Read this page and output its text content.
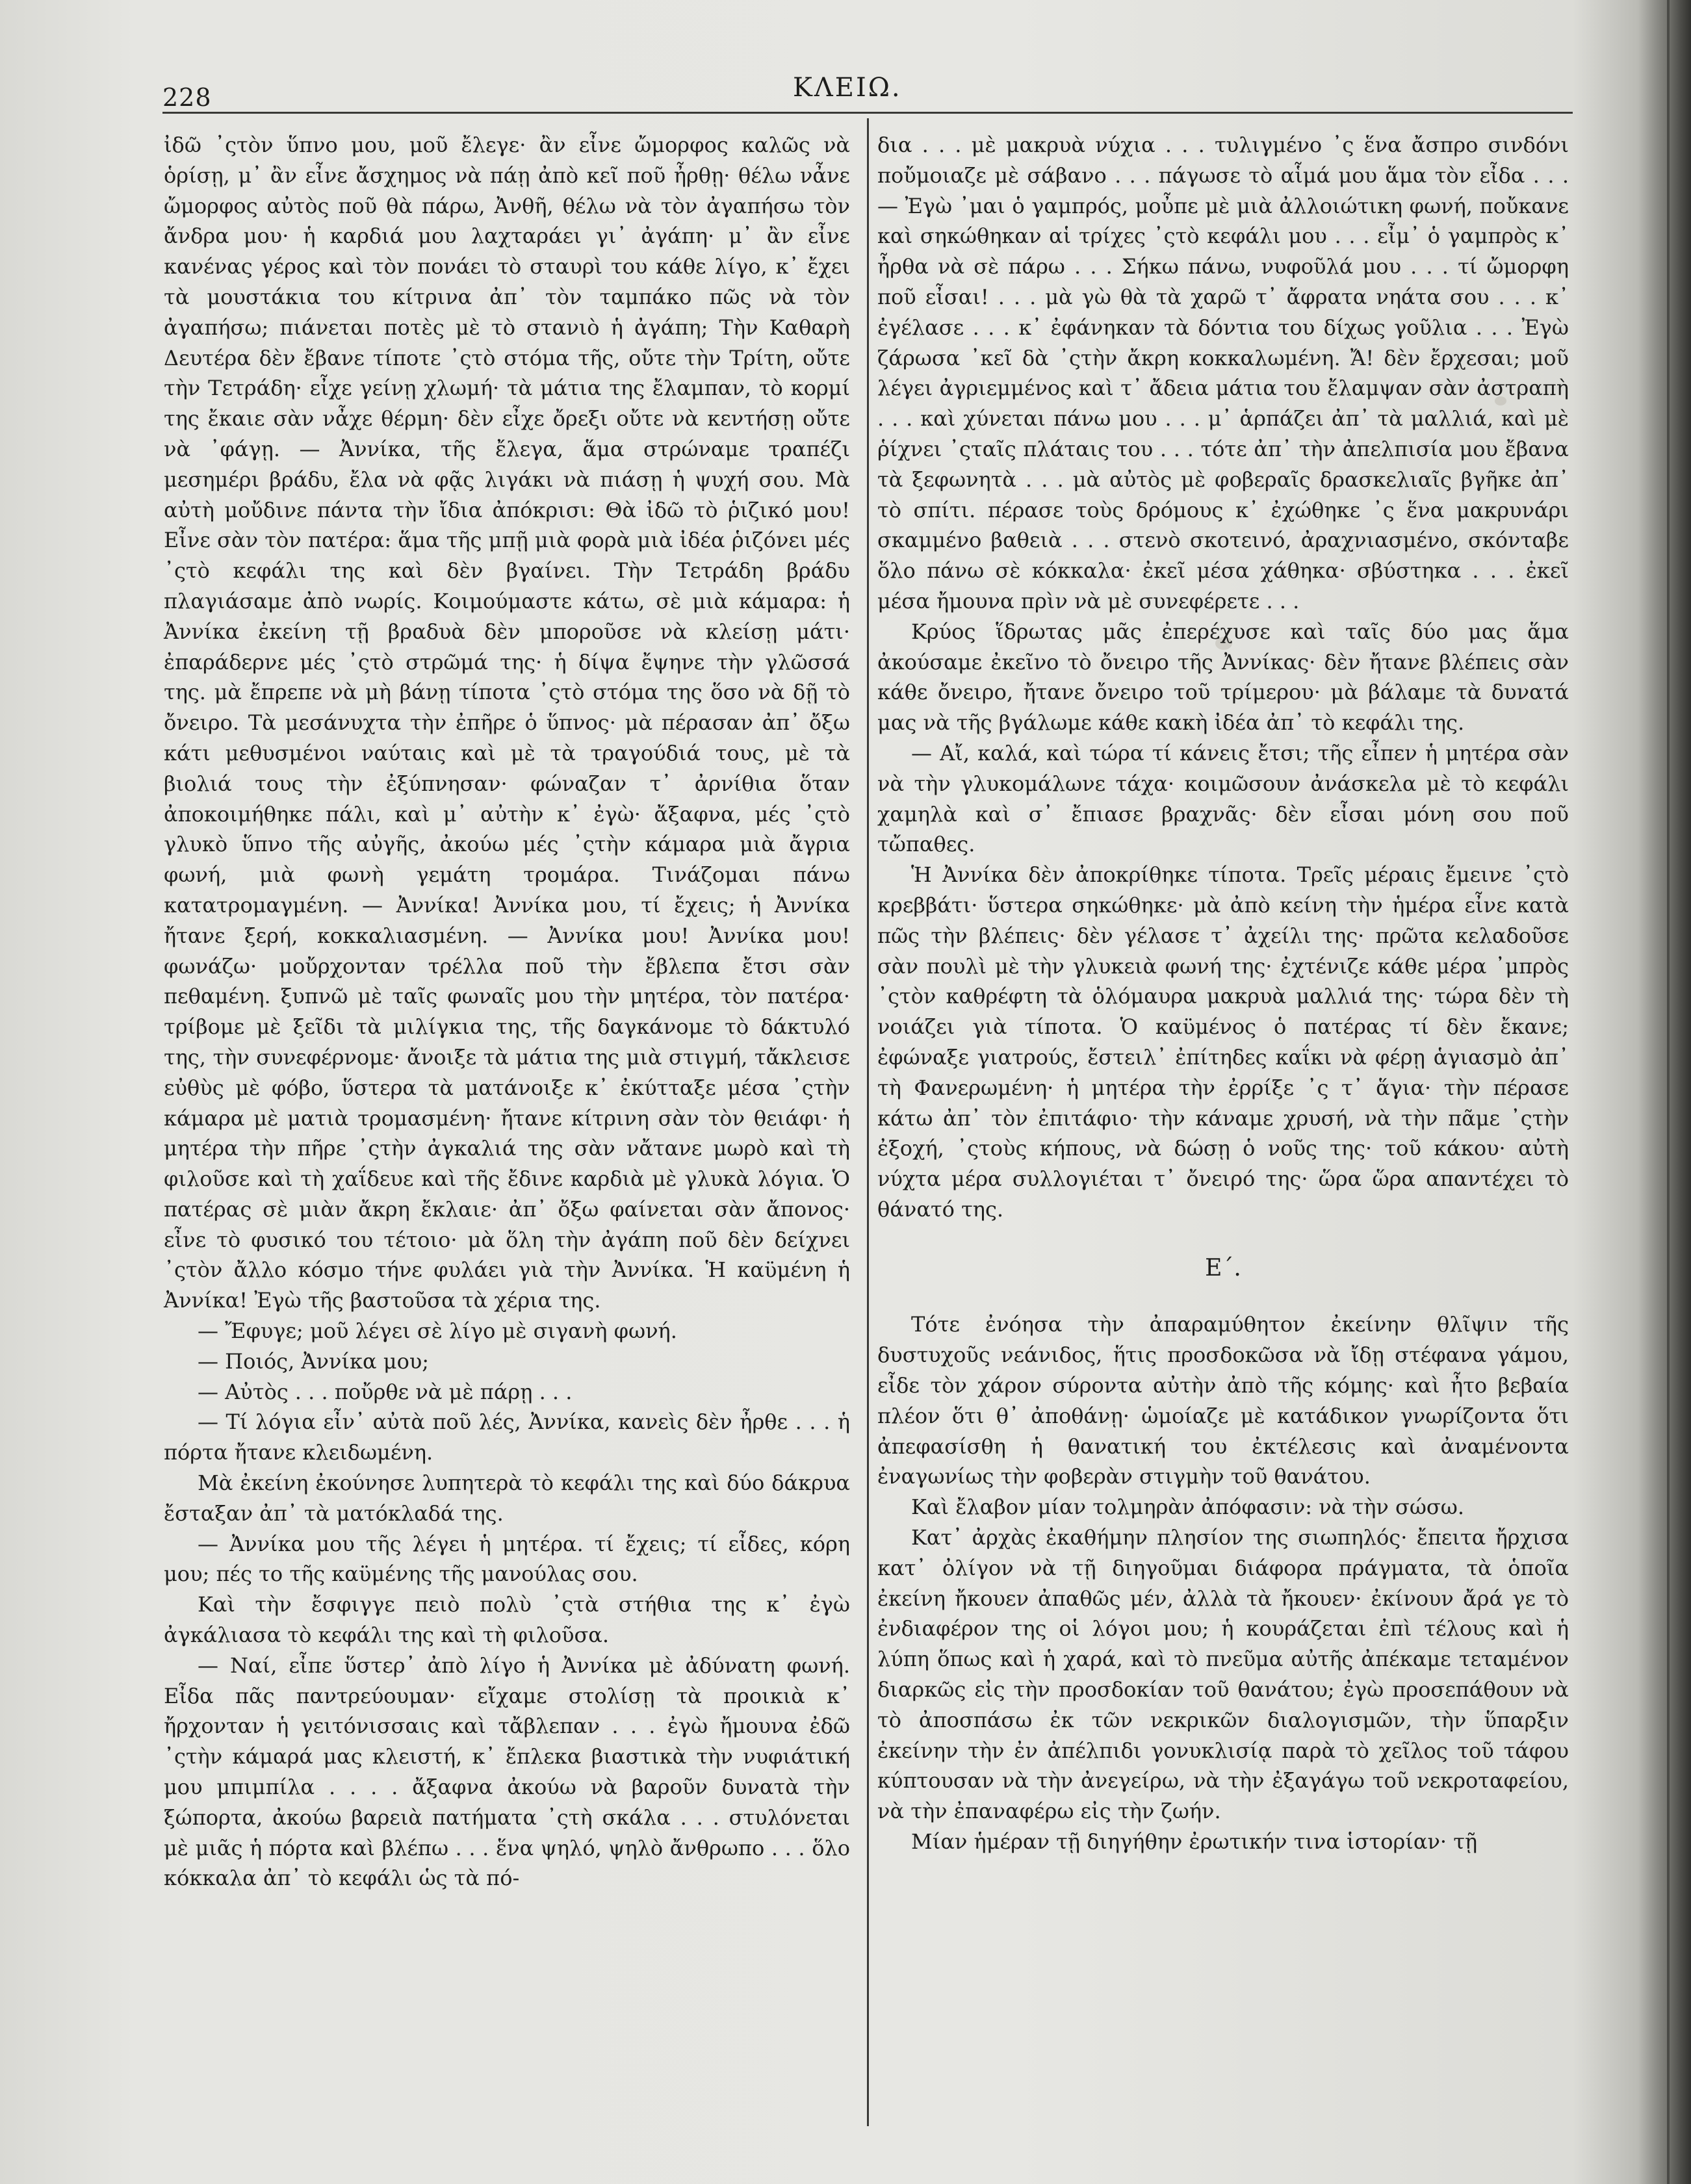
228	ΚΛΕΙΩ.

ἰδῶ ᾽ςτὸν ὕπνο μου, μοῦ ἔλεγε· ἂν εἶνε ὤμορφος καλῶς νὰ ὁρίσῃ, μ᾽ ἂν εἶνε ἄσχημος νὰ πάῃ ἀπὸ κεῖ ποῦ ἦρθῃ· θέλω νἆνε ὤμορφος αὐτὸς ποῦ θὰ πάρω, Ἀνθῆ, θέλω νὰ τὸν ἀγαπήσω τὸν ἄνδρα μου· ἡ καρδιά μου λαχταράει γι᾽ ἀγάπη· μ᾽ ἂν εἶνε κανένας γέρος καὶ τὸν πονάει τὸ σταυρὶ του κάθε λίγο, κ᾽ ἔχει τὰ μουστάκια του κίτρινα ἀπ᾽ τὸν ταμπάκο πῶς νὰ τὸν ἀγαπήσω; πιάνεται ποτὲς μὲ τὸ στανιὸ ἡ ἀγάπη; Τὴν Καθαρὴ Δευτέρα δὲν ἔβανε τίποτε ᾽ςτὸ στόμα τῆς, οὔτε τὴν Τρίτη, οὔτε τὴν Τετράδη· εἶχε γείνῃ χλωμή· τὰ μάτια της ἔλαμπαν, τὸ κορμί της ἔκαιε σὰν νἆχε θέρμη· δὲν εἶχε ὄρεξι οὔτε νὰ κεντήσῃ οὔτε νὰ ᾽φάγῃ. — Ἀννίκα, τῆς ἔλεγα, ἅμα στρώναμε τραπέζι μεσημέρι βράδυ, ἔλα νὰ φᾷς λιγάκι νὰ πιάσῃ ἡ ψυχή σου. Μὰ αὐτὴ μοὔδινε πάντα τὴν ἴδια ἀπόκρισι: Θὰ ἰδῶ τὸ ῥιζικό μου! Εἶνε σὰν τὸν πατέρα: ἅμα τῆς μπῇ μιὰ φορὰ μιὰ ἰδέα ῥιζόνει μές ᾽ςτὸ κεφάλι της καὶ δὲν βγαίνει. Τὴν Τετράδη βράδυ πλαγιάσαμε ἀπὸ νωρίς. Κοιμούμαστε κάτω, σὲ μιὰ κάμαρα: ἡ Ἀννίκα ἐκείνη τῇ βραδυὰ δὲν μποροῦσε νὰ κλείσῃ μάτι· ἐπαράδερνε μές ᾽ςτὸ στρῶμά της· ἡ δίψα ἔψηνε τὴν γλῶσσά της. μὰ ἔπρεπε νὰ μὴ βάνῃ τίποτα ᾽ςτὸ στόμα της ὅσο νὰ δῇ τὸ ὄνειρο. Τὰ μεσάνυχτα τὴν ἐπῆρε ὁ ὕπνος· μὰ πέρασαν ἀπ᾽ ὄξω κάτι μεθυσμένοι ναύταις καὶ μὲ τὰ τραγούδιά τους, μὲ τὰ βιολιά τους τὴν ἐξύπνησαν· φώναζαν τ᾽ ἀρνίθια ὅταν ἀποκοιμήθηκε πάλι, καὶ μ᾽ αὐτὴν κ᾽ ἐγὼ· ἄξαφνα, μές ᾽ςτὸ γλυκὸ ὕπνο τῆς αὐγῆς, ἀκούω μές ᾽ςτὴν κάμαρα μιὰ ἄγρια φωνή, μιὰ φωνὴ γεμάτη τρομάρα. Τινάζομαι πάνω κατατρομαγμένη. — Ἀννίκα! Ἀννίκα μου, τί ἔχεις; ἡ Ἀννίκα ἤτανε ξερή, κοκκαλιασμένη. — Ἀννίκα μου! Ἀννίκα μου! φωνάζω· μοὔρχονταν τρέλλα ποῦ τὴν ἔβλεπα ἔτσι σὰν πεθαμένη. ξυπνῶ μὲ ταῖς φωναῖς μου τὴν μητέρα, τὸν πατέρα· τρίβομε μὲ ξεῖδι τὰ μιλίγκια της, τῆς δαγκάνομε τὸ δάκτυλό της, τὴν συνεφέρνομε· ἄνοιξε τὰ μάτια της μιὰ στιγμή, τἄκλεισε εὐθὺς μὲ φόβο, ὕστερα τὰ ματάνοιξε κ᾽ ἐκύτταξε μέσα ᾽ςτὴν κάμαρα μὲ ματιὰ τρομασμένη· ἤτανε κίτρινη σὰν τὸν θειάφι· ἡ μητέρα τὴν πῆρε ᾽ςτὴν ἀγκαλιά της σὰν νἄτανε μωρὸ καὶ τὴ φιλοῦσε καὶ τὴ χαΐδευε καὶ τῆς ἔδινε καρδιὰ μὲ γλυκὰ λόγια. Ὁ πατέρας σὲ μιὰν ἄκρη ἔκλαιε· ἀπ᾽ ὄξω φαίνεται σὰν ἄπονος· εἶνε τὸ φυσικό του τέτοιο· μὰ ὅλη τὴν ἀγάπη ποῦ δὲν δείχνει ᾽ςτὸν ἄλλο κόσμο τήνε φυλάει γιὰ τὴν Ἀννίκα. Ἡ καϋμένη ἡ Ἀννίκα! Ἐγὼ τῆς βαστοῦσα τὰ χέρια της.

— Ἔφυγε; μοῦ λέγει σὲ λίγο μὲ σιγανὴ φωνή.

— Ποιός, Ἀννίκα μου;

— Αὐτὸς . . . ποὔρθε νὰ μὲ πάρῃ . . .

— Τί λόγια εἶν᾽ αὐτὰ ποῦ λές, Ἀννίκα, κανεὶς δὲν ἦρθε . . . ἡ πόρτα ἤτανε κλειδωμένη.

Μὰ ἐκείνη ἐκούνησε λυπητερὰ τὸ κεφάλι της καὶ δύο δάκρυα ἔσταξαν ἀπ᾽ τὰ ματόκλαδά της.

— Ἀννίκα μου τῆς λέγει ἡ μητέρα. τί ἔχεις; τί εἶδες, κόρη μου; πές το τῆς καϋμένης τῆς μανούλας σου.

Καὶ τὴν ἔσφιγγε πειὸ πολὺ ᾽ςτὰ στήθια της κ᾽ ἐγὼ ἀγκάλιασα τὸ κεφάλι της καὶ τὴ φιλοῦσα.

— Ναί, εἶπε ὕστερ᾽ ἀπὸ λίγο ἡ Ἀννίκα μὲ ἀδύνατη φωνή. Εἶδα πᾶς παντρεύουμαν· εἴχαμε στολίσῃ τὰ προικιὰ κ᾽ ἤρχονταν ἡ γειτόνισσαις καὶ τἄβλεπαν . . . ἐγὼ ἤμουνα ἐδῶ ᾽ςτὴν κάμαρά μας κλειστή, κ᾽ ἔπλεκα βιαστικὰ τὴν νυφιάτική μου μπιμπίλα . . . . ἄξαφνα ἀκούω νὰ βαροῦν δυνατὰ τὴν ξώπορτα, ἀκούω βαρειὰ πατήματα ᾽ςτὴ σκάλα . . . στυλόνεται μὲ μιᾶς ἡ πόρτα καὶ βλέπω . . . ἕνα ψηλό, ψηλὸ ἄνθρωπο . . . ὅλο κόκκαλα ἀπ᾽ τὸ κεφάλι ὡς τὰ πό-

δια . . . μὲ μακρυὰ νύχια . . . τυλιγμένο ᾽ς ἕνα ἄσπρο σινδόνι ποὔμοιαζε μὲ σάβανο . . . πάγωσε τὸ αἷμά μου ἅμα τὸν εἶδα . . . — Ἐγὼ ᾽μαι ὁ γαμπρός, μοὖπε μὲ μιὰ ἀλλοιώτικη φωνή, ποὔκανε καὶ σηκώθηκαν αἱ τρίχες ᾽ςτὸ κεφάλι μου . . . εἶμ᾽ ὁ γαμπρὸς κ᾽ ἦρθα νὰ σὲ πάρω . . . Σήκω πάνω, νυφοῦλά μου . . . τί ὤμορφη ποῦ εἶσαι! . . . μὰ γὼ θὰ τὰ χαρῶ τ᾽ ἄφρατα νηάτα σου . . . κ᾽ ἐγέλασε . . . κ᾽ ἐφάνηκαν τὰ δόντια του δίχως γοῦλια . . . Ἐγὼ ζάρωσα ᾽κεῖ δὰ ᾽ςτὴν ἄκρη κοκκαλωμένη. Ἄ! δὲν ἔρχεσαι; μοῦ λέγει ἀγριεμμένος καὶ τ᾽ ἄδεια μάτια του ἔλαμψαν σὰν ἀστραπὴ . . . καὶ χύνεται πάνω μου . . . μ᾽ ἁρπάζει ἀπ᾽ τὰ μαλλιά, καὶ μὲ ῥίχνει ᾽ςταῖς πλάταις του . . . τότε ἀπ᾽ τὴν ἀπελπισία μου ἔβανα τὰ ξεφωνητὰ . . . μὰ αὐτὸς μὲ φοβεραῖς δρασκελιαῖς βγῆκε ἀπ᾽ τὸ σπίτι. πέρασε τοὺς δρόμους κ᾽ ἐχώθηκε ᾽ς ἕνα μακρυνάρι σκαμμένο βαθειὰ . . . στενὸ σκοτεινό, ἀραχνιασμένο, σκόνταβε ὅλο πάνω σὲ κόκκαλα· ἐκεῖ μέσα χάθηκα· σβύστηκα . . . ἐκεῖ μέσα ἤμουνα πρὶν νὰ μὲ συνεφέρετε . . .

Κρύος ἵδρωτας μᾶς ἐπερέχυσε καὶ ταῖς δύο μας ἅμα ἀκούσαμε ἐκεῖνο τὸ ὄνειρο τῆς Ἀννίκας· δὲν ἤτανε βλέπεις σὰν κάθε ὄνειρο, ἤτανε ὄνειρο τοῦ τρίμερου· μὰ βάλαμε τὰ δυνατά μας νὰ τῆς βγάλωμε κάθε κακὴ ἰδέα ἀπ᾽ τὸ κεφάλι της.

— Αἴ, καλά, καὶ τώρα τί κάνεις ἔτσι; τῆς εἶπεν ἡ μητέρα σὰν νὰ τὴν γλυκομάλωνε τάχα· κοιμῶσουν ἀνάσκελα μὲ τὸ κεφάλι χαμηλὰ καὶ σ᾽ ἔπιασε βραχνᾶς· δὲν εἶσαι μόνη σου ποῦ τὤπαθες.

Ἡ Ἀννίκα δὲν ἀποκρίθηκε τίποτα. Τρεῖς μέραις ἔμεινε ᾽ςτὸ κρεββάτι· ὕστερα σηκώθηκε· μὰ ἀπὸ κείνη τὴν ἡμέρα εἶνε κατὰ πῶς τὴν βλέπεις· δὲν γέλασε τ᾽ ἀχείλι της· πρῶτα κελαδοῦσε σὰν πουλὶ μὲ τὴν γλυκειὰ φωνή της· ἐχτένιζε κάθε μέρα ᾽μπρὸς ᾽ςτὸν καθρέφτη τὰ ὁλόμαυρα μακρυὰ μαλλιά της· τώρα δὲν τὴ νοιάζει γιὰ τίποτα. Ὁ καϋμένος ὁ πατέρας τί δὲν ἔκανε; ἐφώναξε γιατρούς, ἔστειλ᾽ ἐπίτηδες καΐκι νὰ φέρῃ ἁγιασμὸ ἀπ᾽ τὴ Φανερωμένη· ἡ μητέρα τὴν ἐρρίξε ᾽ς τ᾽ ἅγια· τὴν πέρασε κάτω ἀπ᾽ τὸν ἐπιτάφιο· τὴν κάναμε χρυσή, νὰ τὴν πᾶμε ᾽ςτὴν ἐξοχή, ᾽ςτοὺς κήπους, νὰ δώσῃ ὁ νοῦς της· τοῦ κάκου· αὐτὴ νύχτα μέρα συλλογιέται τ᾽ ὄνειρό της· ὥρα ὥρα απαντέχει τὸ θάνατό της.

Ε΄.

Τότε ἐνόησα τὴν ἀπαραμύθητον ἐκείνην θλῖψιν τῆς δυστυχοῦς νεάνιδος, ἥτις προσδοκῶσα νὰ ἴδῃ στέφανα γάμου, εἶδε τὸν χάρον σύροντα αὐτὴν ἀπὸ τῆς κόμης· καὶ ἦτο βεβαία πλέον ὅτι θ᾽ ἀποθάνῃ· ὡμοίαζε μὲ κατάδικον γνωρίζοντα ὅτι ἀπεφασίσθη ἡ θανατική του ἐκτέλεσις καὶ ἀναμένοντα ἐναγωνίως τὴν φοβερὰν στιγμὴν τοῦ θανάτου.

Καὶ ἔλαβον μίαν τολμηρὰν ἀπόφασιν: νὰ τὴν σώσω.

Κατ᾽ ἀρχὰς ἐκαθήμην πλησίον της σιωπηλός· ἔπειτα ἤρχισα κατ᾽ ὀλίγον νὰ τῇ διηγοῦμαι διάφορα πράγματα, τὰ ὁποῖα ἐκείνη ἤκουεν ἀπαθῶς μέν, ἀλλὰ τὰ ἤκουεν· ἐκίνουν ἄρά γε τὸ ἐνδιαφέρον της οἱ λόγοι μου; ἡ κουράζεται ἐπὶ τέλους καὶ ἡ λύπη ὅπως καὶ ἡ χαρά, καὶ τὸ πνεῦμα αὐτῆς ἀπέκαμε τεταμένον διαρκῶς εἰς τὴν προσδοκίαν τοῦ θανάτου; ἐγὼ προσεπάθουν νὰ τὸ ἀποσπάσω ἐκ τῶν νεκρικῶν διαλογισμῶν, τὴν ὕπαρξιν ἐκείνην τὴν ἐν ἀπέλπιδι γονυκλισίᾳ παρὰ τὸ χεῖλος τοῦ τάφου κύπτουσαν νὰ τὴν ἀνεγείρω, νὰ τὴν ἐξαγάγω τοῦ νεκροταφείου, νὰ τὴν ἐπαναφέρω εἰς τὴν ζωήν.

Μίαν ἡμέραν τῇ διηγήθην ἐρωτικήν τινα ἱστορίαν· τῇ
